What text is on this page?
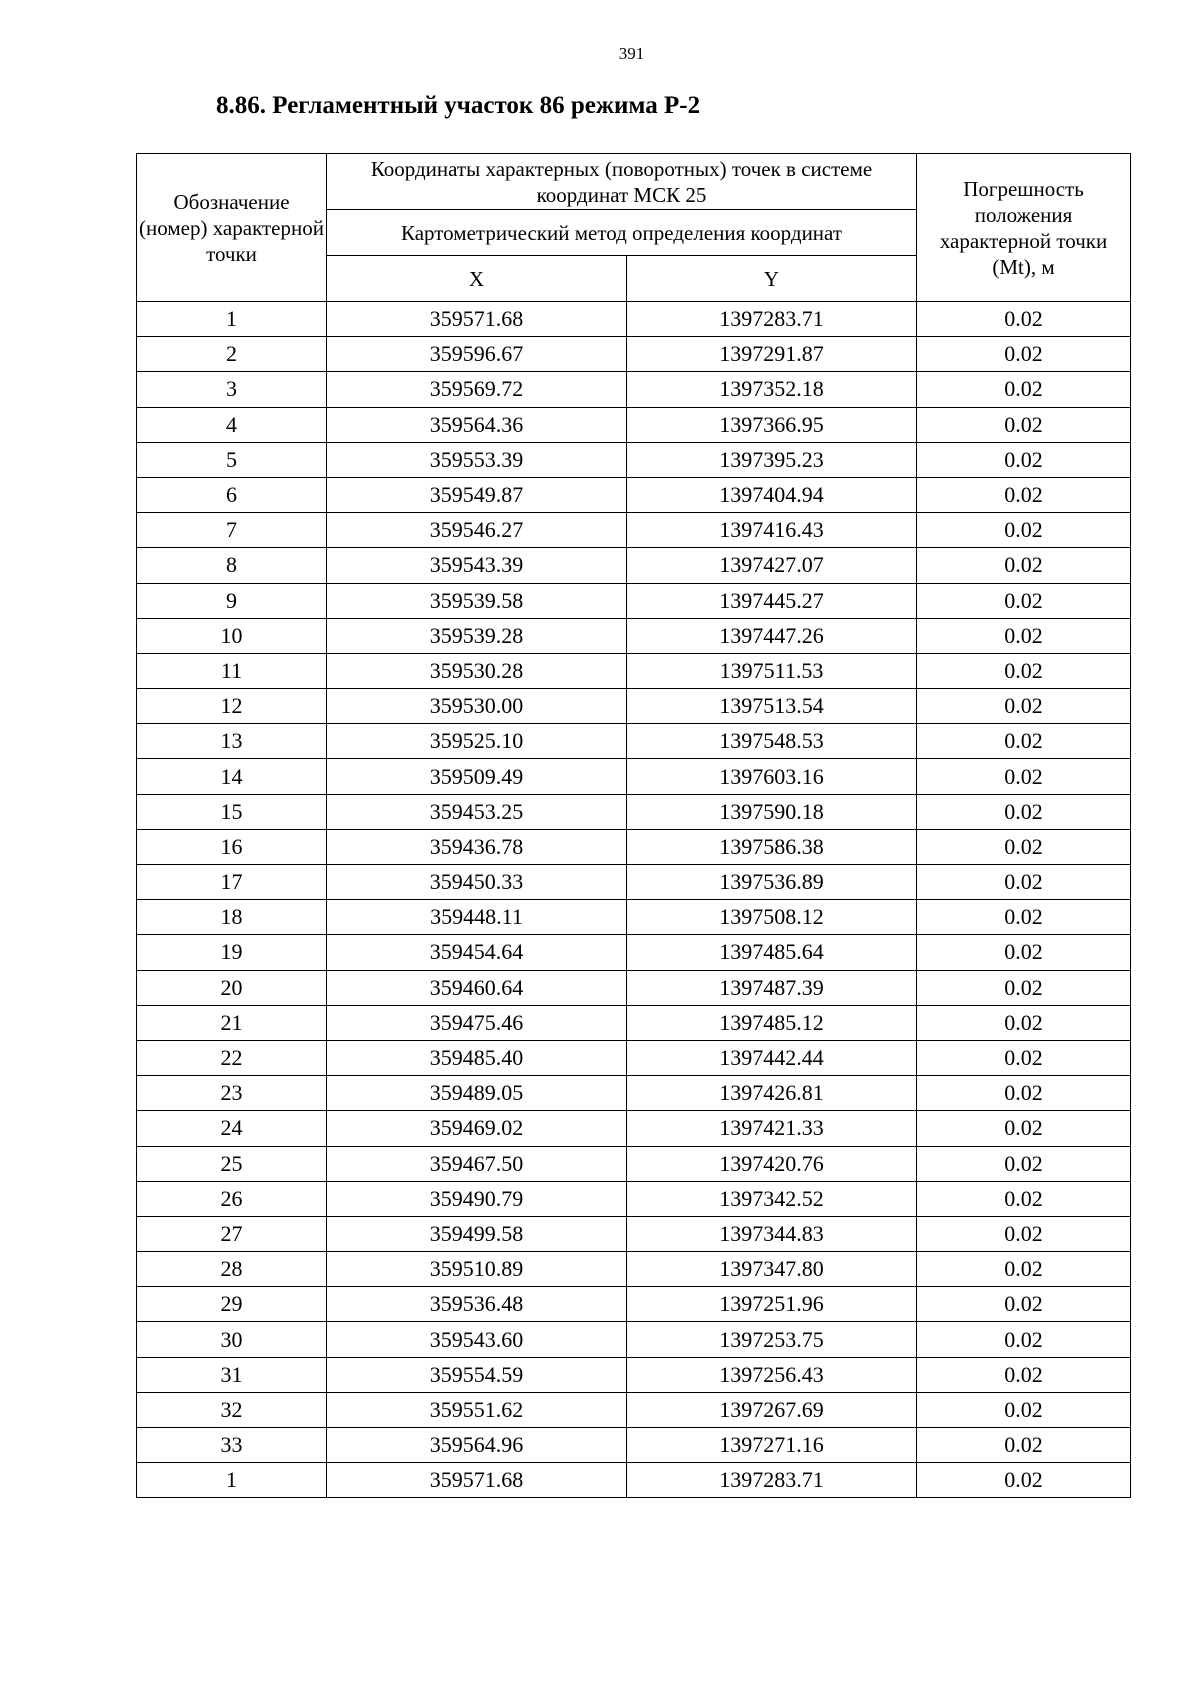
391
8.86. Регламентный участок 86 режима Р-2
Обозначение (номер) характерной точки	Координаты характерных (поворотных) точек в системе координат МСК 25		Погрешность положения характерной точки (Mt), м
	Картометрический метод определения координат		
	X	Y	
1	359571.68	1397283.71	0.02
2	359596.67	1397291.87	0.02
3	359569.72	1397352.18	0.02
4	359564.36	1397366.95	0.02
5	359553.39	1397395.23	0.02
6	359549.87	1397404.94	0.02
7	359546.27	1397416.43	0.02
8	359543.39	1397427.07	0.02
9	359539.58	1397445.27	0.02
10	359539.28	1397447.26	0.02
11	359530.28	1397511.53	0.02
12	359530.00	1397513.54	0.02
13	359525.10	1397548.53	0.02
14	359509.49	1397603.16	0.02
15	359453.25	1397590.18	0.02
16	359436.78	1397586.38	0.02
17	359450.33	1397536.89	0.02
18	359448.11	1397508.12	0.02
19	359454.64	1397485.64	0.02
20	359460.64	1397487.39	0.02
21	359475.46	1397485.12	0.02
22	359485.40	1397442.44	0.02
23	359489.05	1397426.81	0.02
24	359469.02	1397421.33	0.02
25	359467.50	1397420.76	0.02
26	359490.79	1397342.52	0.02
27	359499.58	1397344.83	0.02
28	359510.89	1397347.80	0.02
29	359536.48	1397251.96	0.02
30	359543.60	1397253.75	0.02
31	359554.59	1397256.43	0.02
32	359551.62	1397267.69	0.02
33	359564.96	1397271.16	0.02
1	359571.68	1397283.71	0.02
